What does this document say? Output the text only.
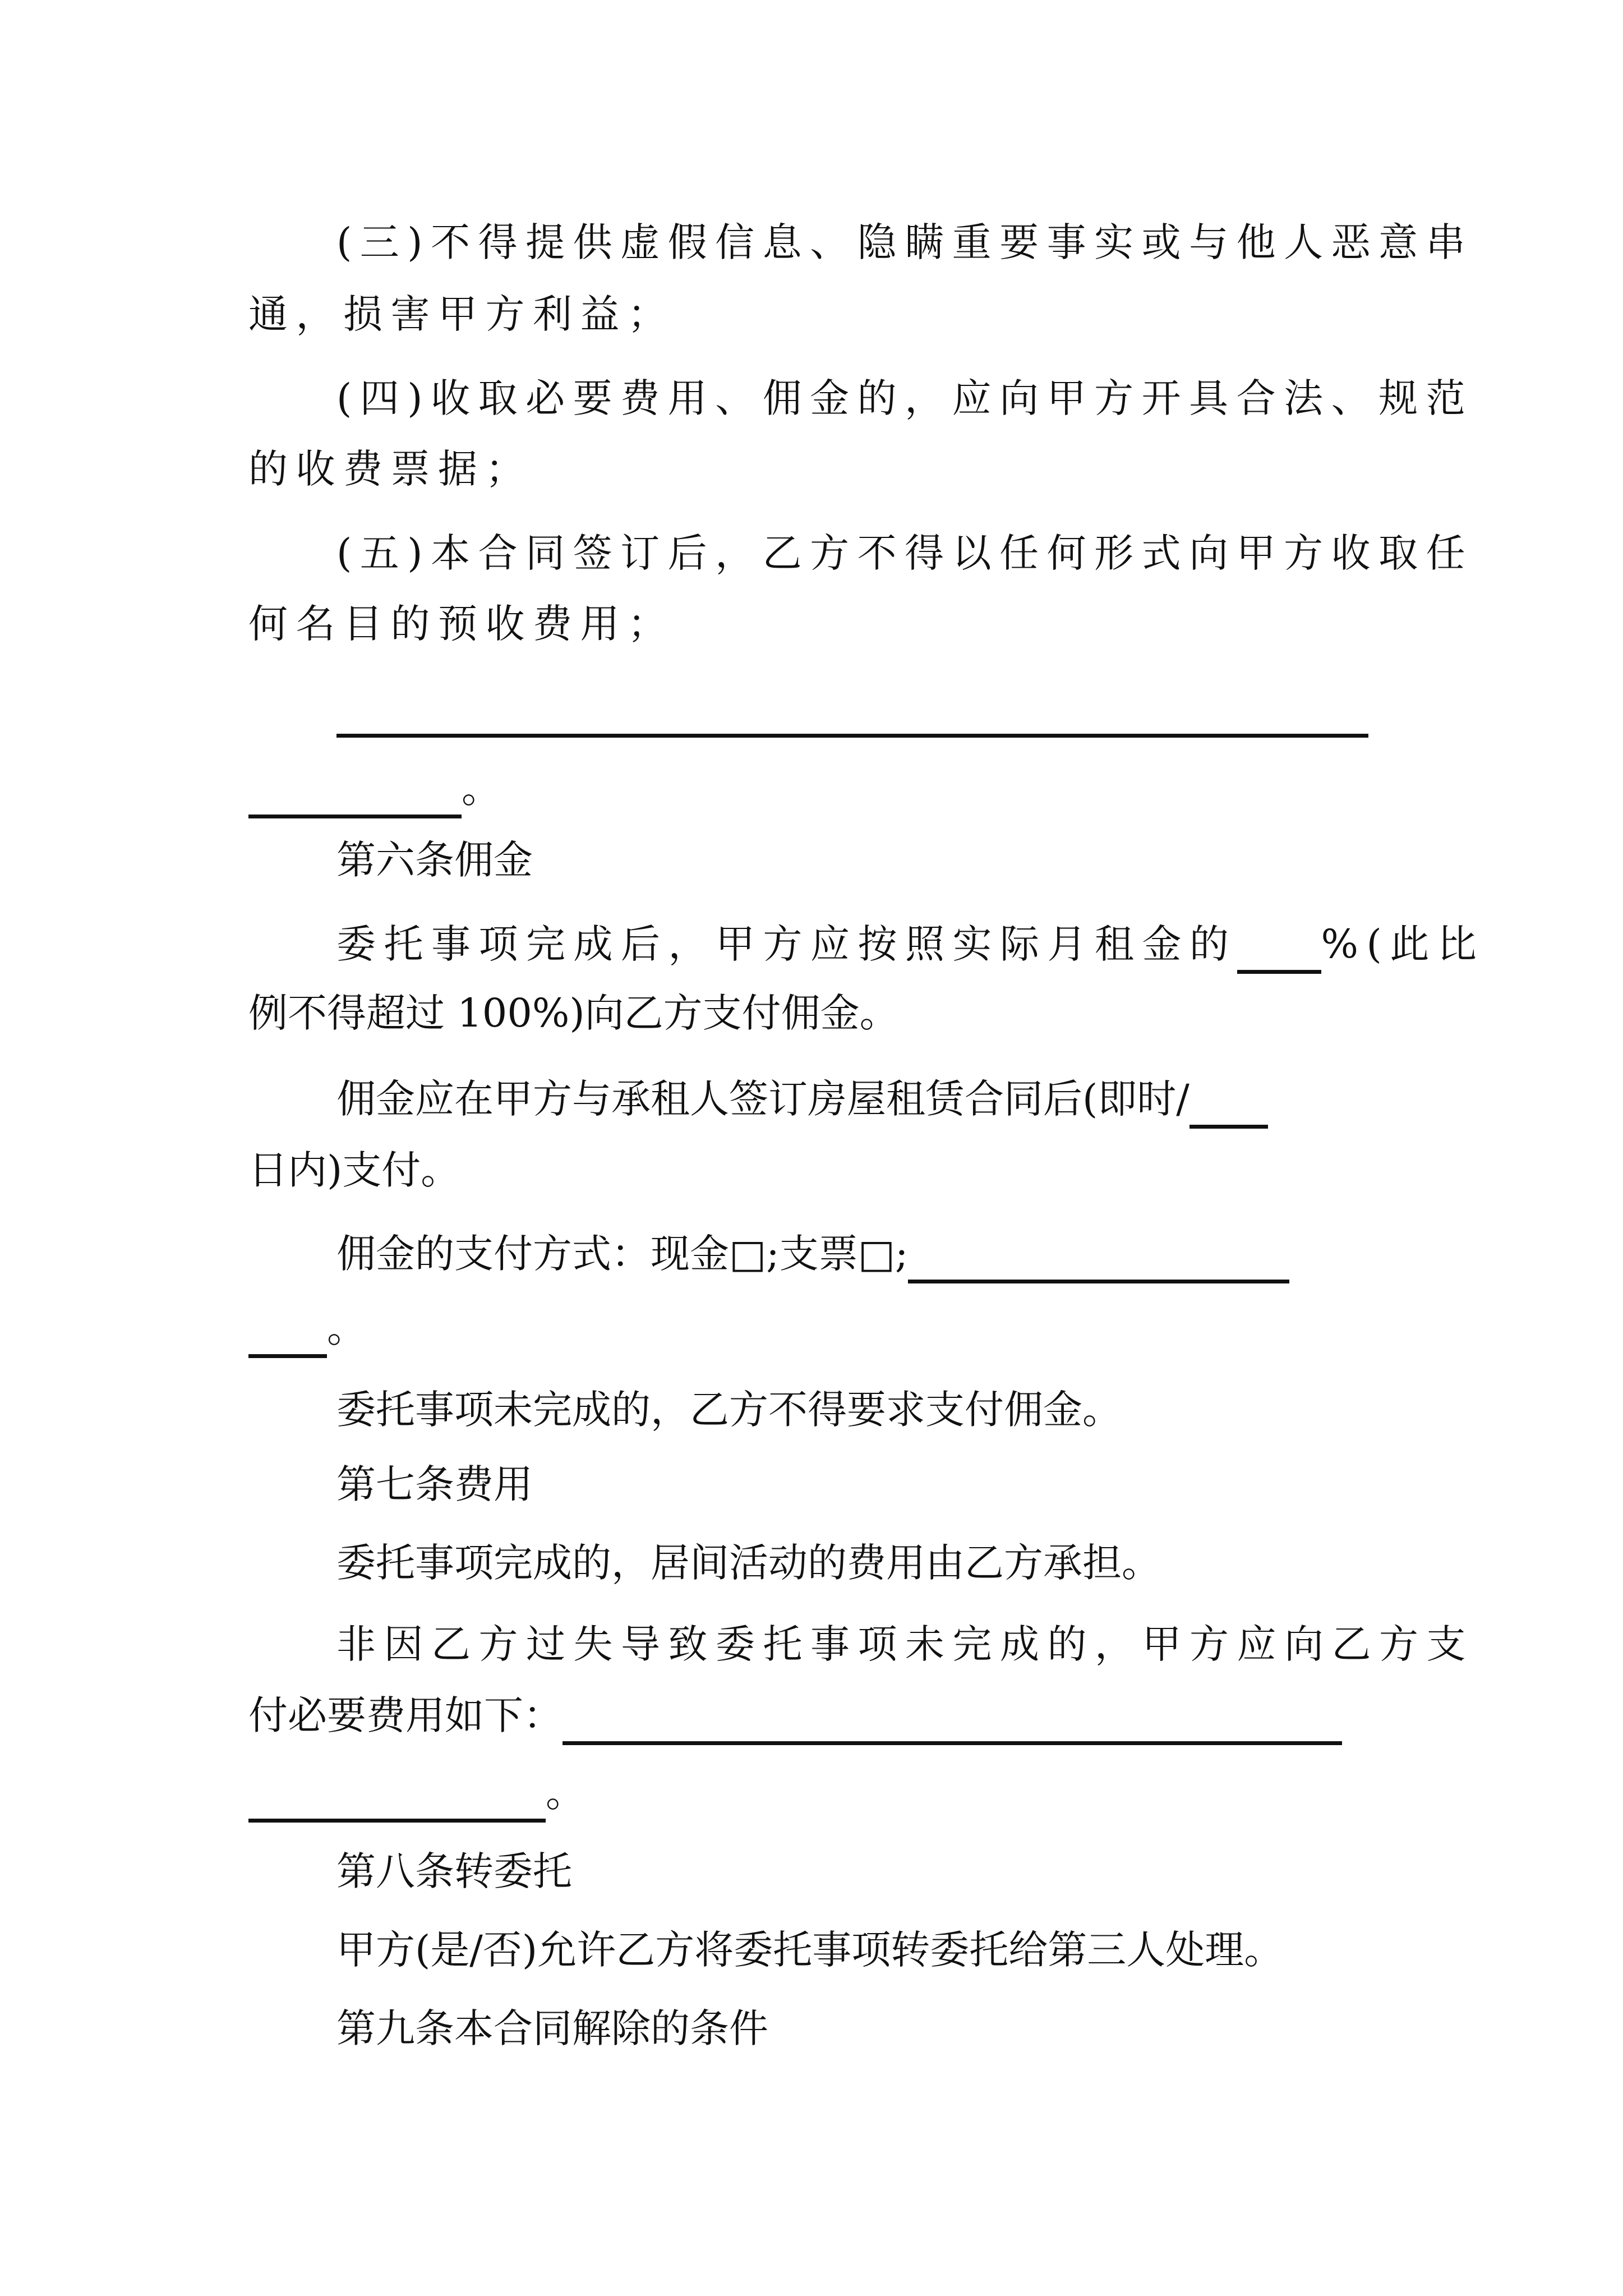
(三)不得提供虚假信息、隐瞒重要事实或与他人恶意串
通，损害甲方利益；
(四)收取必要费用、佣金的，应向甲方开具合法、规范
的收费票据；
(五)本合同签订后，乙方不得以任何形式向甲方收取任
何名目的预收费用；

。
第六条佣金
委托事项完成后，甲方应按照实际月租金的 %(此比
例不得超过 100%)向乙方支付佣金。
佣金应在甲方与承租人签订房屋租赁合同后(即时/
日内)支付。
佣金的支付方式：现金□;支票□;
。
委托事项未完成的，乙方不得要求支付佣金。
第七条费用
委托事项完成的，居间活动的费用由乙方承担。
非因乙方过失导致委托事项未完成的，甲方应向乙方支
付必要费用如下：
。
第八条转委托
甲方(是/否)允许乙方将委托事项转委托给第三人处理。
第九条本合同解除的条件
